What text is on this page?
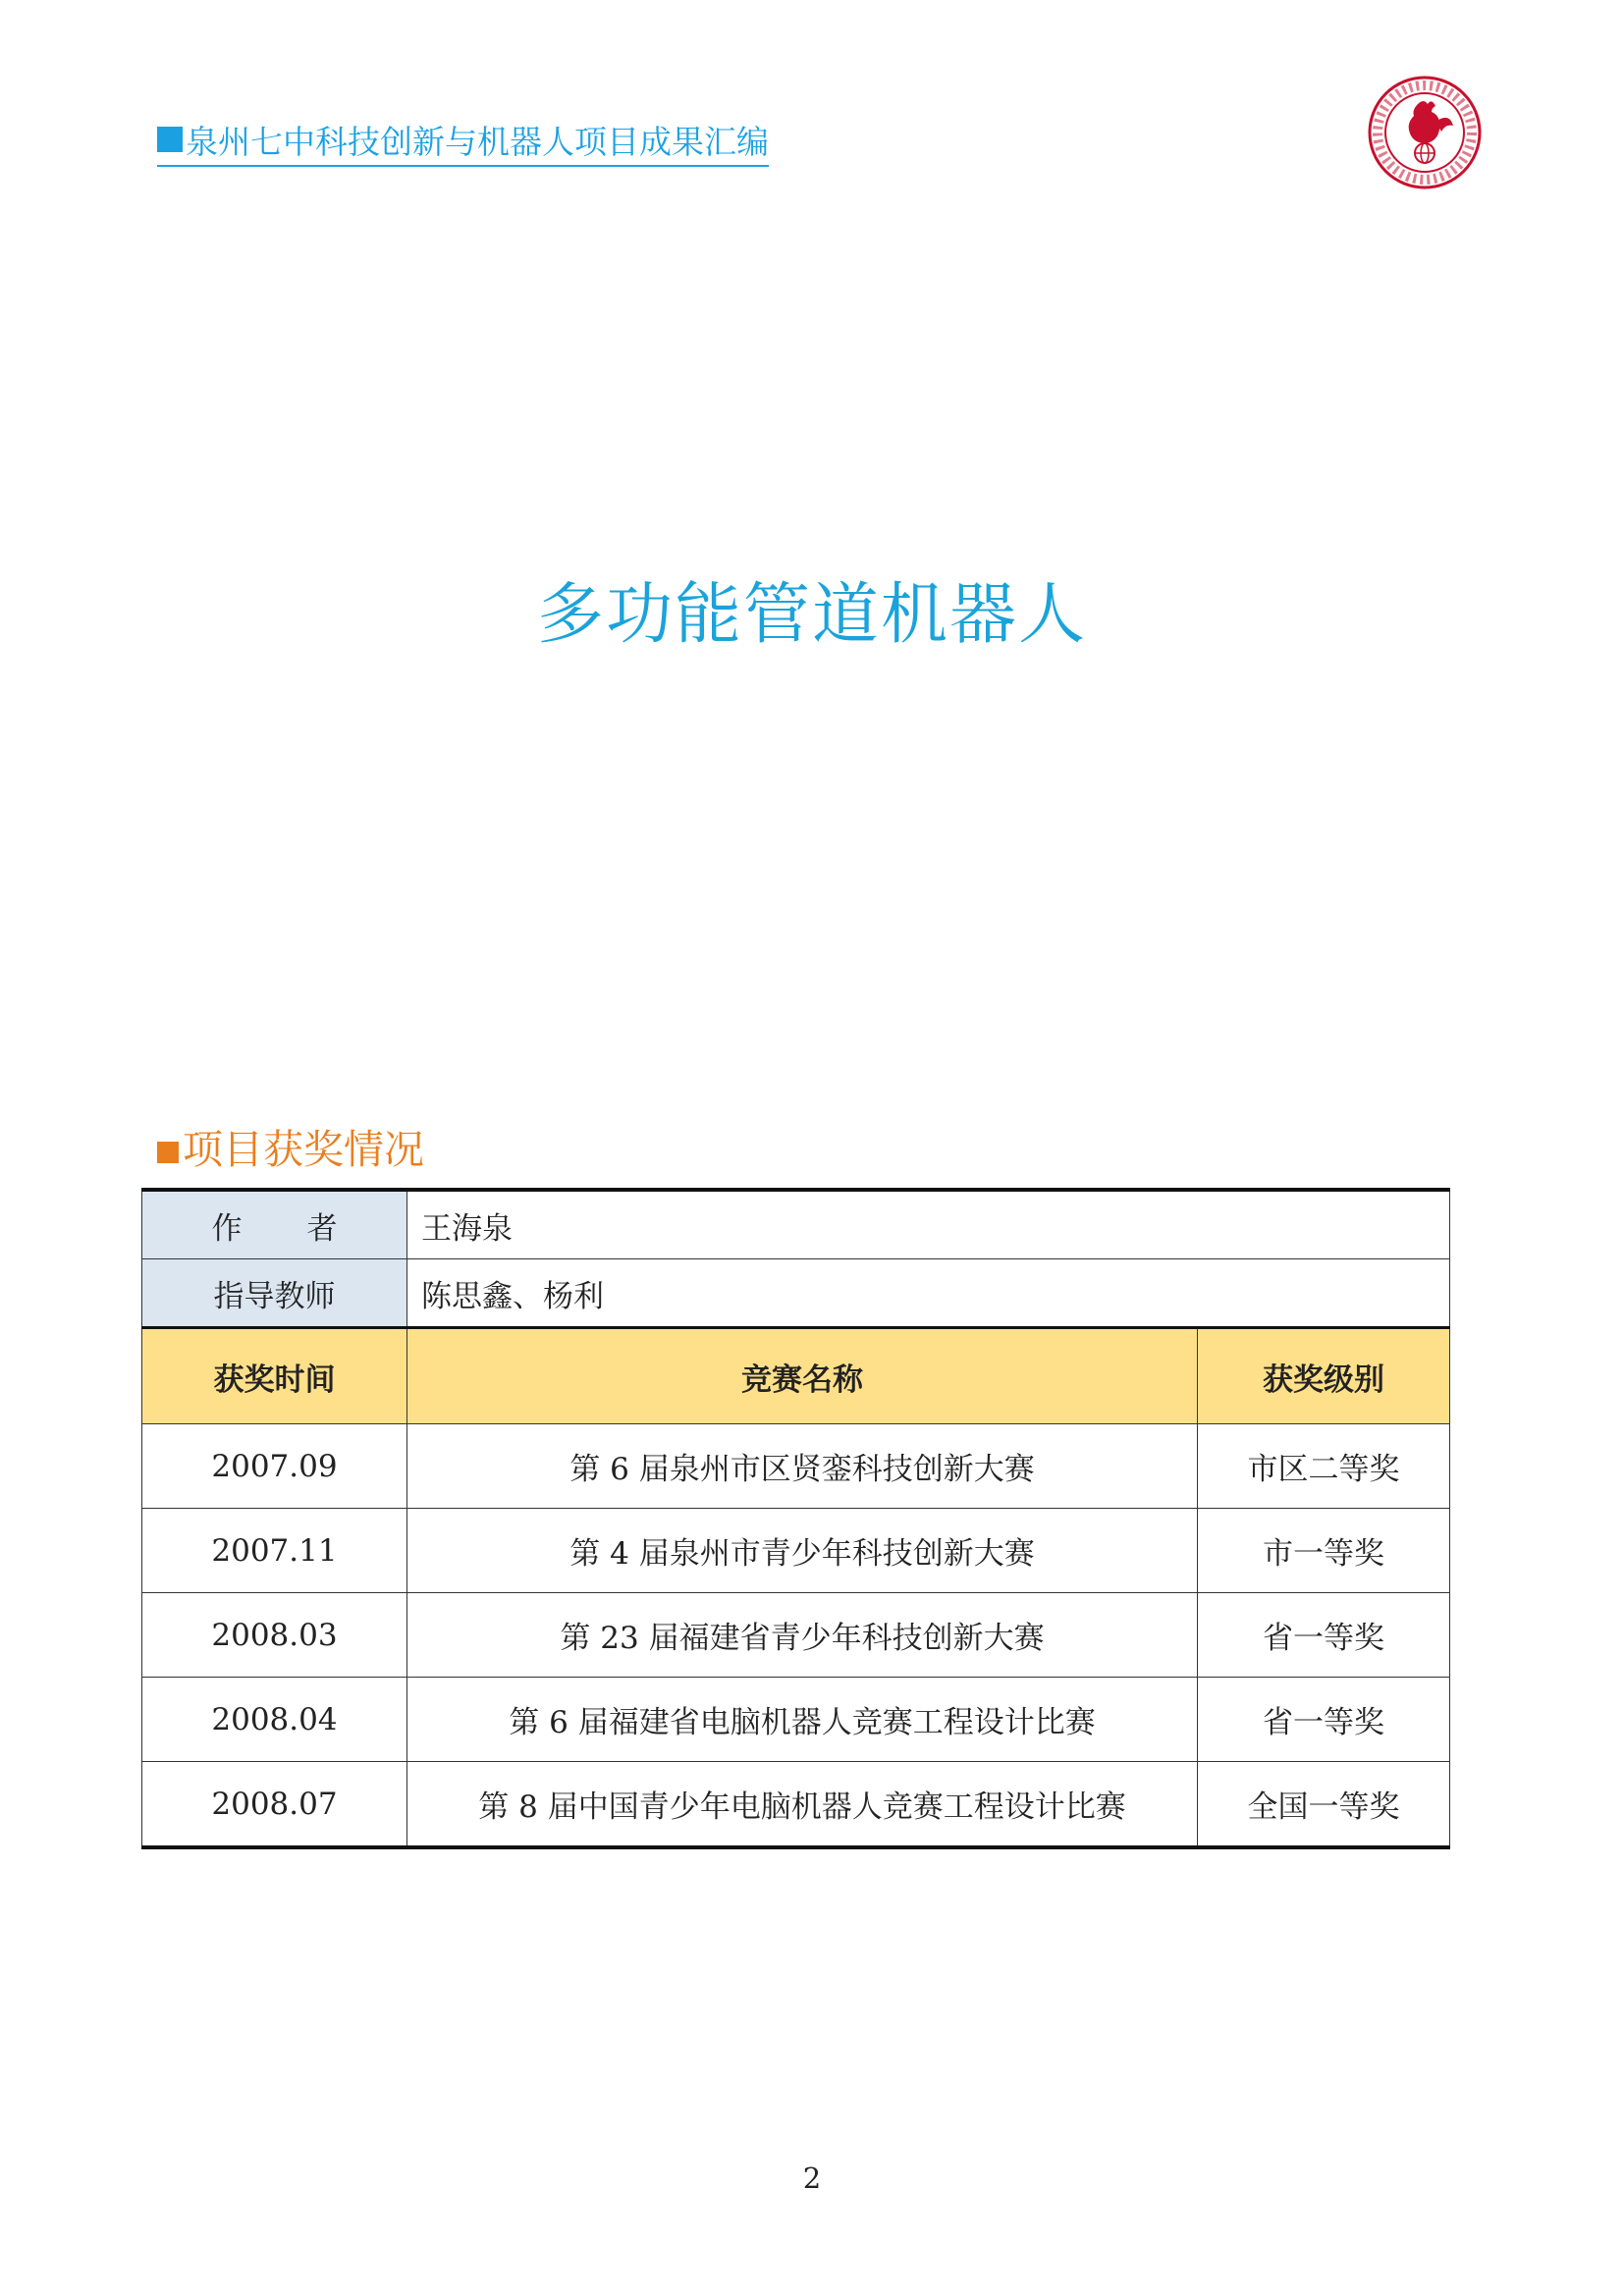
泉州七中科技创新与机器人项目成果汇编
多功能管道机器人
项目获奖情况
作者	王海泉	
指导教师	陈思鑫、杨利	
获奖时间	竞赛名称	获奖级别
2007.09	第 6 届泉州市区贤銮科技创新大赛	市区二等奖
2007.11	第 4 届泉州市青少年科技创新大赛	市一等奖
2008.03	第 23 届福建省青少年科技创新大赛	省一等奖
2008.04	第 6 届福建省电脑机器人竞赛工程设计比赛	省一等奖
2008.07	第 8 届中国青少年电脑机器人竞赛工程设计比赛	全国一等奖
2
